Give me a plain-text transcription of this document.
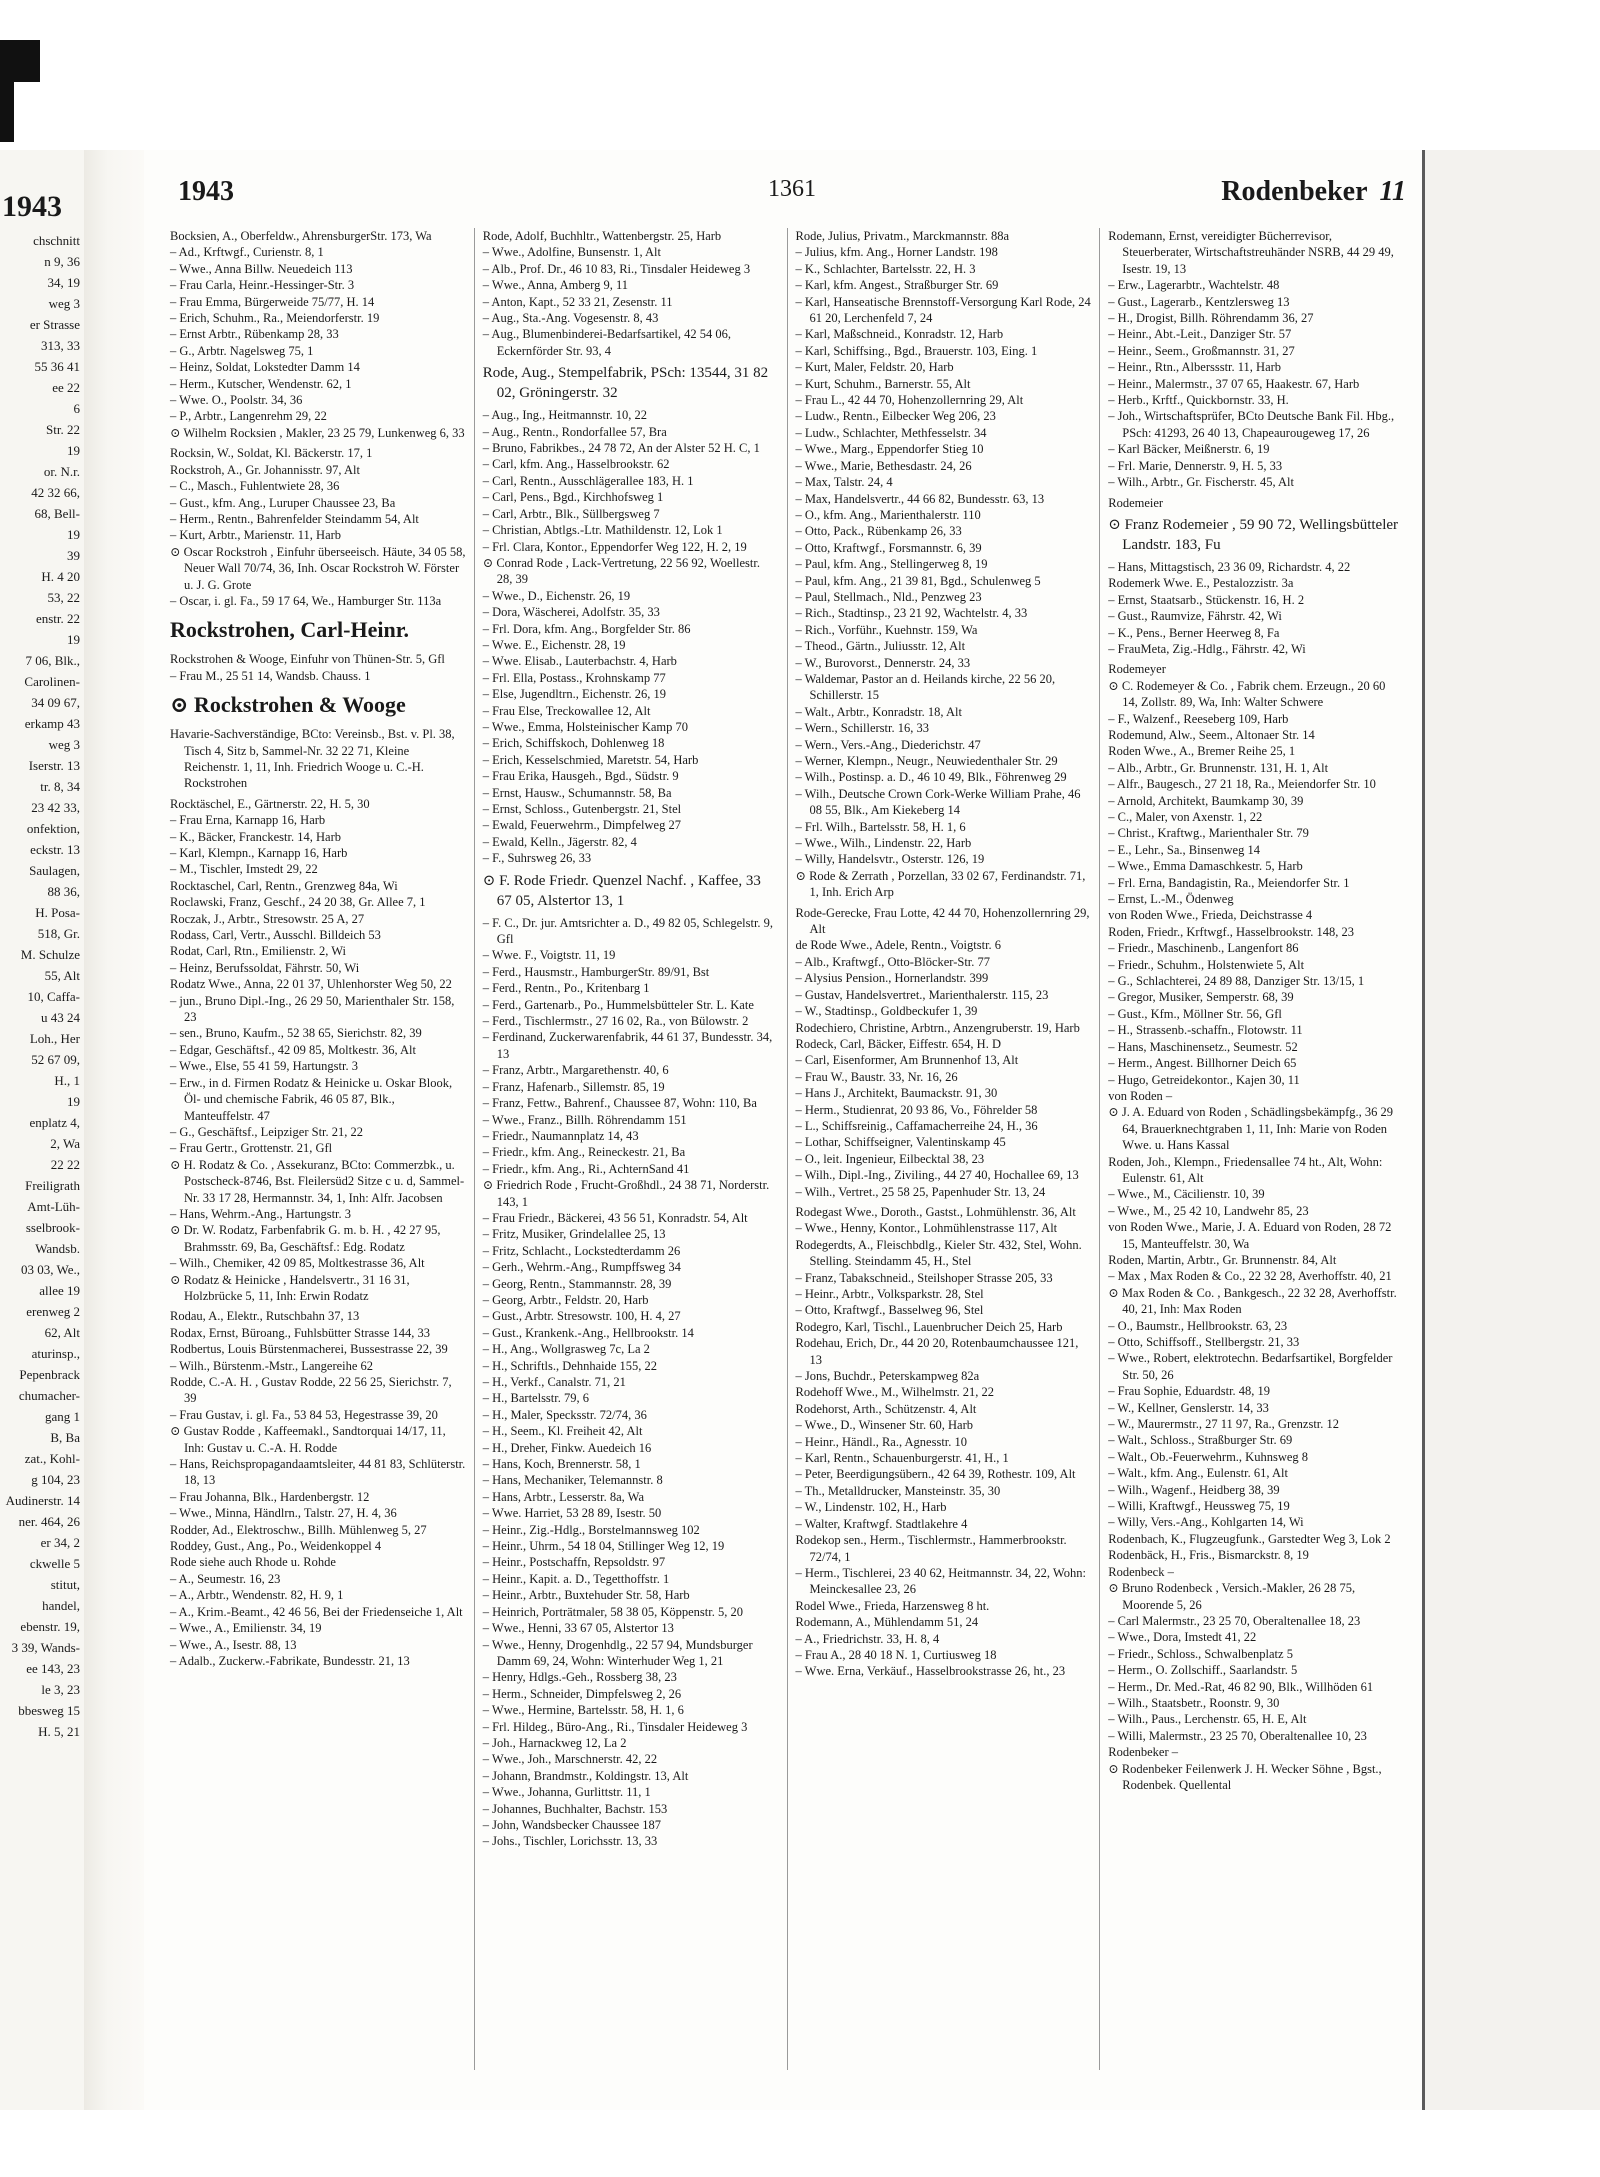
1943
chschnitt
n 9, 36
34, 19
weg 3
er Strasse
313, 33
55 36 41
ee 22
6
Str. 22
19
or. N.r.
42 32 66,
68, Bell-
19
39
H. 4 20
53, 22
enstr. 22
19
7 06, Blk.,
Carolinen-
34 09 67,
erkamp 43
weg 3
Iserstr. 13
tr. 8, 34
23 42 33,
onfektion,
eckstr. 13
Saulagen,
88 36,
H. Posa-
518, Gr.
M. Schulze
55, Alt
10, Caffa-
u 43 24
Loh., Her
52 67 09,
H., 1
19
enplatz 4,
2, Wa
22 22
Freiligrath
Amt-Lüh-
sselbrook-
Wandsb.
03 03, We.,
allee 19
erenweg 2
62, Alt
aturinsp.,
Pepenbrack
chumacher-
gang 1
B, Ba
zat., Kohl-
g 104, 23
Audinerstr. 14
ner. 464, 26
er 34, 2
ckwelle 5
stitut,
handel,
ebenstr. 19,
3 39, Wands-
ee 143, 23
le 3, 23
bbesweg 15
H. 5, 21
1943	1361	Rodenbeker 11

Bocksien, A., Oberfeldw., AhrensburgerStr. 173, Wa

– Ad., Krftwgf., Curienstr. 8, 1

– Wwe., Anna Billw. Neuedeich 113

– Frau Carla, Heinr.-Hessinger-Str. 3

– Frau Emma, Bürgerweide 75/77, H. 14

– Erich, Schuhm., Ra., Meiendorferstr. 19

– Ernst Arbtr., Rübenkamp 28, 33

– G., Arbtr. Nagelsweg 75, 1

– Heinz, Soldat, Lokstedter Damm 14

– Herm., Kutscher, Wendenstr. 62, 1

– Wwe. O., Poolstr. 34, 36

– P., Arbtr., Langenrehm 29, 22

⊙ Wilhelm Rocksien , Makler, 23 25 79, Lunkenweg 6, 33

Rocksin, W., Soldat, Kl. Bäckerstr. 17, 1

Rockstroh, A., Gr. Johannisstr. 97, Alt

– C., Masch., Fuhlentwiete 28, 36

– Gust., kfm. Ang., Luruper Chaussee 23, Ba

– Herm., Rentn., Bahrenfelder Steindamm 54, Alt

– Kurt, Arbtr., Marienstr. 11, Harb

⊙ Oscar Rockstroh , Einfuhr überseeisch. Häute, 34 05 58, Neuer Wall 70/74, 36, Inh. Oscar Rockstroh W. Förster u. J. G. Grote

– Oscar, i. gl. Fa., 59 17 64, We., Hamburger Str. 113a

Rockstrohen, Carl-Heinr.

Rockstrohen & Wooge, Einfuhr von Thünen-Str. 5, Gfl

– Frau M., 25 51 14, Wandsb. Chauss. 1

⊙ Rockstrohen & Wooge

Havarie-Sachverständige, BCto: Vereinsb., Bst. v. Pl. 38, Tisch 4, Sitz b, Sammel-Nr. 32 22 71, Kleine Reichenstr. 1, 11, Inh. Friedrich Wooge u. C.-H. Rockstrohen

Rocktäschel, E., Gärtnerstr. 22, H. 5, 30

– Frau Erna, Karnapp 16, Harb

– K., Bäcker, Franckestr. 14, Harb

– Karl, Klempn., Karnapp 16, Harb

– M., Tischler, Imstedt 29, 22

Rocktaschel, Carl, Rentn., Grenzweg 84a, Wi

Roclawski, Franz, Geschf., 24 20 38, Gr. Allee 7, 1

Roczak, J., Arbtr., Stresowstr. 25 A, 27

Rodass, Carl, Vertr., Ausschl. Billdeich 53

Rodat, Carl, Rtn., Emilienstr. 2, Wi

– Heinz, Berufssoldat, Fährstr. 50, Wi

Rodatz Wwe., Anna, 22 01 37, Uhlenhorster Weg 50, 22

– jun., Bruno Dipl.-Ing., 26 29 50, Marienthaler Str. 158, 23

– sen., Bruno, Kaufm., 52 38 65, Sierichstr. 82, 39

– Edgar, Geschäftsf., 42 09 85, Moltkestr. 36, Alt

– Wwe., Else, 55 41 59, Hartungstr. 3

– Erw., in d. Firmen Rodatz & Heinicke u. Oskar Blook, Öl- und chemische Fabrik, 46 05 87, Blk., Manteuffelstr. 47

– G., Geschäftsf., Leipziger Str. 21, 22

– Frau Gertr., Grottenstr. 21, Gfl

⊙ H. Rodatz & Co. , Assekuranz, BCto: Commerzbk., u. Postscheck-8746, Bst. Fleilersüd2 Sitze c u. d, Sammel-Nr. 33 17 28, Hermannstr. 34, 1, Inh: Alfr. Jacobsen

– Hans, Wehrm.-Ang., Hartungstr. 3

⊙ Dr. W. Rodatz, Farbenfabrik G. m. b. H. , 42 27 95, Brahmsstr. 69, Ba, Geschäftsf.: Edg. Rodatz

– Wilh., Chemiker, 42 09 85, Moltkestrasse 36, Alt

⊙ Rodatz & Heinicke , Handelsvertr., 31 16 31, Holzbrücke 5, 11, Inh: Erwin Rodatz

Rodau, A., Elektr., Rutschbahn 37, 13

Rodax, Ernst, Büroang., Fuhlsbütter Strasse 144, 33

Rodbertus, Louis Bürstenmacherei, Bussestrasse 22, 39

– Wilh., Bürstenm.-Mstr., Langereihe 62

Rodde, C.-A. H. , Gustav Rodde, 22 56 25, Sierichstr. 7, 39

– Frau Gustav, i. gl. Fa., 53 84 53, Hegestrasse 39, 20

⊙ Gustav Rodde , Kaffeemakl., Sandtorquai 14/17, 11, Inh: Gustav u. C.-A. H. Rodde

– Hans, Reichspropagandaamtsleiter, 44 81 83, Schlüterstr. 18, 13

– Frau Johanna, Blk., Hardenbergstr. 12

– Wwe., Minna, Händlrn., Talstr. 27, H. 4, 36

Rodder, Ad., Elektroschw., Billh. Mühlenweg 5, 27

Roddey, Gust., Ang., Po., Weidenkoppel 4

Rode siehe auch Rhode u. Rohde

– A., Seumestr. 16, 23

– A., Arbtr., Wendenstr. 82, H. 9, 1

– A., Krim.-Beamt., 42 46 56, Bei der Friedenseiche 1, Alt

– Wwe., A., Emilienstr. 34, 19

– Wwe., A., Isestr. 88, 13

– Adalb., Zuckerw.-Fabrikate, Bundesstr. 21, 13

Rode, Adolf, Buchhltr., Wattenbergstr. 25, Harb

– Wwe., Adolfine, Bunsenstr. 1, Alt

– Alb., Prof. Dr., 46 10 83, Ri., Tinsdaler Heideweg 3

– Wwe., Anna, Amberg 9, 11

– Anton, Kapt., 52 33 21, Zesenstr. 11

– Aug., Sta.-Ang. Vogesenstr. 8, 43

– Aug., Blumenbinderei-Bedarfsartikel, 42 54 06, Eckernförder Str. 93, 4

Rode, Aug., Stempelfabrik, PSch: 13544, 31 82 02, Gröningerstr. 32

– Aug., Ing., Heitmannstr. 10, 22

– Aug., Rentn., Rondorfallee 57, Bra

– Bruno, Fabrikbes., 24 78 72, An der Alster 52 H. C, 1

– Carl, kfm. Ang., Hasselbrookstr. 62

– Carl, Rentn., Ausschlägerallee 183, H. 1

– Carl, Pens., Bgd., Kirchhofsweg 1

– Carl, Arbtr., Blk., Süllbergsweg 7

– Christian, Abtlgs.-Ltr. Mathildenstr. 12, Lok 1

– Frl. Clara, Kontor., Eppendorfer Weg 122, H. 2, 19

⊙ Conrad Rode , Lack-Vertretung, 22 56 92, Woellestr. 28, 39

– Wwe., D., Eichenstr. 26, 19

– Dora, Wäscherei, Adolfstr. 35, 33

– Frl. Dora, kfm. Ang., Borgfelder Str. 86

– Wwe. E., Eichenstr. 28, 19

– Wwe. Elisab., Lauterbachstr. 4, Harb

– Frl. Ella, Postass., Krohnskamp 77

– Else, Jugendltrn., Eichenstr. 26, 19

– Frau Else, Treckowallee 12, Alt

– Wwe., Emma, Holsteinischer Kamp 70

– Erich, Schiffskoch, Dohlenweg 18

– Erich, Kesselschmied, Maretstr. 54, Harb

– Frau Erika, Hausgeh., Bgd., Südstr. 9

– Ernst, Hausw., Schumannstr. 58, Ba

– Ernst, Schloss., Gutenbergstr. 21, Stel

– Ewald, Feuerwehrm., Dimpfelweg 27

– Ewald, Kelln., Jägerstr. 82, 4

– F., Suhrsweg 26, 33

⊙ F. Rode Friedr. Quenzel Nachf. , Kaffee, 33 67 05, Alstertor 13, 1

– F. C., Dr. jur. Amtsrichter a. D., 49 82 05, Schlegelstr. 9, Gfl

– Wwe. F., Voigtstr. 11, 19

– Ferd., Hausmstr., HamburgerStr. 89/91, Bst

– Ferd., Rentn., Po., Kritenbarg 1

– Ferd., Gartenarb., Po., Hummelsbütteler Str. L. Kate

– Ferd., Tischlermstr., 27 16 02, Ra., von Bülowstr. 2

– Ferdinand, Zuckerwarenfabrik, 44 61 37, Bundesstr. 34, 13

– Franz, Arbtr., Margarethenstr. 40, 6

– Franz, Hafenarb., Sillemstr. 85, 19

– Franz, Fettw., Bahrenf., Chaussee 87, Wohn: 110, Ba

– Wwe., Franz., Billh. Röhrendamm 151

– Friedr., Naumannplatz 14, 43

– Friedr., kfm. Ang., Reineckestr. 21, Ba

– Friedr., kfm. Ang., Ri., AchternSand 41

⊙ Friedrich Rode , Frucht-Großhdl., 24 38 71, Norderstr. 143, 1

– Frau Friedr., Bäckerei, 43 56 51, Konradstr. 54, Alt

– Fritz, Musiker, Grindelallee 25, 13

– Fritz, Schlacht., Lockstedterdamm 26

– Gerh., Wehrm.-Ang., Rumpffsweg 34

– Georg, Rentn., Stammannstr. 28, 39

– Georg, Arbtr., Feldstr. 20, Harb

– Gust., Arbtr. Stresowstr. 100, H. 4, 27

– Gust., Krankenk.-Ang., Hellbrookstr. 14

– H., Ang., Wollgrasweg 7c, La 2

– H., Schriftls., Dehnhaide 155, 22

– H., Verkf., Canalstr. 71, 21

– H., Bartelsstr. 79, 6

– H., Maler, Specksstr. 72/74, 36

– H., Seem., Kl. Freiheit 42, Alt

– H., Dreher, Finkw. Auedeich 16

– Hans, Koch, Brennerstr. 58, 1

– Hans, Mechaniker, Telemannstr. 8

– Hans, Arbtr., Lesserstr. 8a, Wa

– Wwe. Harriet, 53 28 89, Isestr. 50

– Heinr., Zig.-Hdlg., Borstelmannsweg 102

– Heinr., Uhrm., 54 18 04, Stillinger Weg 12, 19

– Heinr., Postschaffn, Repsoldstr. 97

– Heinr., Kapit. a. D., Tegetthoffstr. 1

– Heinr., Arbtr., Buxtehuder Str. 58, Harb

– Heinrich, Porträtmaler, 58 38 05, Köppenstr. 5, 20

– Wwe., Henni, 33 67 05, Alstertor 13

– Wwe., Henny, Drogenhdlg., 22 57 94, Mundsburger Damm 69, 24, Wohn: Winterhuder Weg 1, 21

– Henry, Hdlgs.-Geh., Rossberg 38, 23

– Herm., Schneider, Dimpfelsweg 2, 26

– Wwe., Hermine, Bartelsstr. 58, H. 1, 6

– Frl. Hildeg., Büro-Ang., Ri., Tinsdaler Heideweg 3

– Joh., Harnackweg 12, La 2

– Wwe., Joh., Marschnerstr. 42, 22

– Johann, Brandmstr., Koldingstr. 13, Alt

– Wwe., Johanna, Gurlittstr. 11, 1

– Johannes, Buchhalter, Bachstr. 153

– John, Wandsbecker Chaussee 187

– Johs., Tischler, Lorichsstr. 13, 33

Rode, Julius, Privatm., Marckmannstr. 88a

– Julius, kfm. Ang., Horner Landstr. 198

– K., Schlachter, Bartelsstr. 22, H. 3

– Karl, kfm. Angest., Straßburger Str. 69

– Karl, Hanseatische Brennstoff-Versorgung Karl Rode, 24 61 20, Lerchenfeld 7, 24

– Karl, Maßschneid., Konradstr. 12, Harb

– Karl, Schiffsing., Bgd., Brauerstr. 103, Eing. 1

– Kurt, Maler, Feldstr. 20, Harb

– Kurt, Schuhm., Barnerstr. 55, Alt

– Frau L., 42 44 70, Hohenzollernring 29, Alt

– Ludw., Rentn., Eilbecker Weg 206, 23

– Ludw., Schlachter, Methfesselstr. 34

– Wwe., Marg., Eppendorfer Stieg 10

– Wwe., Marie, Bethesdastr. 24, 26

– Max, Talstr. 24, 4

– Max, Handelsvertr., 44 66 82, Bundesstr. 63, 13

– O., kfm. Ang., Marienthalerstr. 110

– Otto, Pack., Rübenkamp 26, 33

– Otto, Kraftwgf., Forsmannstr. 6, 39

– Paul, kfm. Ang., Stellingerweg 8, 19

– Paul, kfm. Ang., 21 39 81, Bgd., Schulenweg 5

– Paul, Stellmach., Nld., Penzweg 23

– Rich., Stadtinsp., 23 21 92, Wachtelstr. 4, 33

– Rich., Vorführ., Kuehnstr. 159, Wa

– Theod., Gärtn., Juliusstr. 12, Alt

– W., Burovorst., Dennerstr. 24, 33

– Waldemar, Pastor an d. Heilands kirche, 22 56 20, Schillerstr. 15

– Walt., Arbtr., Konradstr. 18, Alt

– Wern., Schillerstr. 16, 33

– Wern., Vers.-Ang., Diederichstr. 47

– Werner, Klempn., Neugr., Neuwiedenthaler Str. 29

– Wilh., Postinsp. a. D., 46 10 49, Blk., Föhrenweg 29

– Wilh., Deutsche Crown Cork-Werke William Prahe, 46 08 55, Blk., Am Kiekeberg 14

– Frl. Wilh., Bartelsstr. 58, H. 1, 6

– Wwe., Wilh., Lindenstr. 22, Harb

– Willy, Handelsvtr., Osterstr. 126, 19

⊙ Rode & Zerrath , Porzellan, 33 02 67, Ferdinandstr. 71, 1, Inh. Erich Arp

Rode-Gerecke, Frau Lotte, 42 44 70, Hohenzollernring 29, Alt

de Rode Wwe., Adele, Rentn., Voigtstr. 6

– Alb., Kraftwgf., Otto-Blöcker-Str. 77

– Alysius Pension., Hornerlandstr. 399

– Gustav, Handelsvertret., Marienthalerstr. 115, 23

– W., Stadtinsp., Goldbeckufer 1, 39

Rodechiero, Christine, Arbtrn., Anzengruberstr. 19, Harb

Rodeck, Carl, Bäcker, Eiffestr. 654, H. D

– Carl, Eisenformer, Am Brunnenhof 13, Alt

– Frau W., Baustr. 33, Nr. 16, 26

– Hans J., Architekt, Baumackstr. 91, 30

– Herm., Studienrat, 20 93 86, Vo., Föhrelder 58

– L., Schiffsreinig., Caffamacherreihe 24, H., 36

– Lothar, Schiffseigner, Valentinskamp 45

– O., leit. Ingenieur, Eilbecktal 38, 23

– Wilh., Dipl.-Ing., Ziviling., 44 27 40, Hochallee 69, 13

– Wilh., Vertret., 25 58 25, Papenhuder Str. 13, 24

Rodegast Wwe., Doroth., Gastst., Lohmühlenstr. 36, Alt

– Wwe., Henny, Kontor., Lohmühlenstrasse 117, Alt

Rodegerdts, A., Fleischbdlg., Kieler Str. 432, Stel, Wohn. Stelling. Steindamm 45, H., Stel

– Franz, Tabakschneid., Steilshoper Strasse 205, 33

– Heinr., Arbtr., Volksparkstr. 28, Stel

– Otto, Kraftwgf., Basselweg 96, Stel

Rodegro, Karl, Tischl., Lauenbrucher Deich 25, Harb

Rodehau, Erich, Dr., 44 20 20, Rotenbaumchaussee 121, 13

– Jons, Buchdr., Peterskampweg 82a

Rodehoff Wwe., M., Wilhelmstr. 21, 22

Rodehorst, Arth., Schützenstr. 4, Alt

– Wwe., D., Winsener Str. 60, Harb

– Heinr., Händl., Ra., Agnesstr. 10

– Karl, Rentn., Schauenburgerstr. 41, H., 1

– Peter, Beerdigungsübern., 42 64 39, Rothestr. 109, Alt

– Th., Metalldrucker, Mansteinstr. 35, 30

– W., Lindenstr. 102, H., Harb

– Walter, Kraftwgf. Stadtlakehre 4

Rodekop sen., Herm., Tischlermstr., Hammerbrookstr. 72/74, 1

– Herm., Tischlerei, 23 40 62, Heitmannstr. 34, 22, Wohn: Meinckesallee 23, 26

Rodel Wwe., Frieda, Harzensweg 8 ht.

Rodemann, A., Mühlendamm 51, 24

– A., Friedrichstr. 33, H. 8, 4

– Frau A., 28 40 18 N. 1, Curtiusweg 18

– Wwe. Erna, Verkäuf., Hasselbrookstrasse 26, ht., 23

Rodemann, Ernst, vereidigter Bücherrevisor, Steuerberater, Wirtschaftstreuhänder NSRB, 44 29 49, Isestr. 19, 13

– Erw., Lagerarbtr., Wachtelstr. 48

– Gust., Lagerarb., Kentzlersweg 13

– H., Drogist, Billh. Röhrendamm 36, 27

– Heinr., Abt.-Leit., Danziger Str. 57

– Heinr., Seem., Großmannstr. 31, 27

– Heinr., Rtn., Alberssstr. 11, Harb

– Heinr., Malermstr., 37 07 65, Haakestr. 67, Harb

– Herb., Krftf., Quickbornstr. 33, H.

– Joh., Wirtschaftsprüfer, BCto Deutsche Bank Fil. Hbg., PSch: 41293, 26 40 13, Chapeaurougeweg 17, 26

– Karl Bäcker, Meißnerstr. 6, 19

– Frl. Marie, Dennerstr. 9, H. 5, 33

– Wilh., Arbtr., Gr. Fischerstr. 45, Alt

Rodemeier

⊙ Franz Rodemeier , 59 90 72, Wellingsbütteler Landstr. 183, Fu

– Hans, Mittagstisch, 23 36 09, Richardstr. 4, 22

Rodemerk Wwe. E., Pestalozzistr. 3a

– Ernst, Staatsarb., Stückenstr. 16, H. 2

– Gust., Raumvize, Fährstr. 42, Wi

– K., Pens., Berner Heerweg 8, Fa

– FrauMeta, Zig.-Hdlg., Fährstr. 42, Wi

Rodemeyer

⊙ C. Rodemeyer & Co. , Fabrik chem. Erzeugn., 20 60 14, Zollstr. 89, Wa, Inh: Walter Schwere

– F., Walzenf., Reeseberg 109, Harb

Rodemund, Alw., Seem., Altonaer Str. 14

Roden Wwe., A., Bremer Reihe 25, 1

– Alb., Arbtr., Gr. Brunnenstr. 131, H. 1, Alt

– Alfr., Baugesch., 27 21 18, Ra., Meiendorfer Str. 10

– Arnold, Architekt, Baumkamp 30, 39

– C., Maler, von Axenstr. 1, 22

– Christ., Kraftwg., Marienthaler Str. 79

– E., Lehr., Sa., Binsenweg 14

– Wwe., Emma Damaschkestr. 5, Harb

– Frl. Erna, Bandagistin, Ra., Meiendorfer Str. 1

– Ernst, L.-M., Ödenweg

von Roden Wwe., Frieda, Deichstrasse 4

Roden, Friedr., Krftwgf., Hasselbrookstr. 148, 23

– Friedr., Maschinenb., Langenfort 86

– Friedr., Schuhm., Holstenwiete 5, Alt

– G., Schlachterei, 24 89 88, Danziger Str. 13/15, 1

– Gregor, Musiker, Semperstr. 68, 39

– Gust., Kfm., Möllner Str. 56, Gfl

– H., Strassenb.-schaffn., Flotowstr. 11

– Hans, Maschinensetz., Seumestr. 52

– Herm., Angest. Billhorner Deich 65

– Hugo, Getreidekontor., Kajen 30, 11

von Roden –

⊙ J. A. Eduard von Roden , Schädlingsbekämpfg., 36 29 64, Brauerknechtgraben 1, 11, Inh: Marie von Roden Wwe. u. Hans Kassal

Roden, Joh., Klempn., Friedensallee 74 ht., Alt, Wohn: Eulenstr. 61, Alt

– Wwe., M., Cäcilienstr. 10, 39

– Wwe., M., 25 42 10, Landwehr 85, 23

von Roden Wwe., Marie, J. A. Eduard von Roden, 28 72 15, Manteuffelstr. 30, Wa

Roden, Martin, Arbtr., Gr. Brunnenstr. 84, Alt

– Max , Max Roden & Co., 22 32 28, Averhoffstr. 40, 21

⊙ Max Roden & Co. , Bankgesch., 22 32 28, Averhoffstr. 40, 21, Inh: Max Roden

– O., Baumstr., Hellbrookstr. 63, 23

– Otto, Schiffsoff., Stellbergstr. 21, 33

– Wwe., Robert, elektrotechn. Bedarfsartikel, Borgfelder Str. 50, 26

– Frau Sophie, Eduardstr. 48, 19

– W., Kellner, Genslerstr. 14, 33

– W., Maurermstr., 27 11 97, Ra., Grenzstr. 12

– Walt., Schloss., Straßburger Str. 69

– Walt., Ob.-Feuerwehrm., Kuhnsweg 8

– Walt., kfm. Ang., Eulenstr. 61, Alt

– Wilh., Wagenf., Heidberg 38, 39

– Willi, Kraftwgf., Heussweg 75, 19

– Willy, Vers.-Ang., Kohlgarten 14, Wi

Rodenbach, K., Flugzeugfunk., Garstedter Weg 3, Lok 2

Rodenbäck, H., Fris., Bismarckstr. 8, 19

Rodenbeck –

⊙ Bruno Rodenbeck , Versich.-Makler, 26 28 75, Moorende 5, 26

– Carl Malermstr., 23 25 70, Oberaltenallee 18, 23

– Wwe., Dora, Imstedt 41, 22

– Friedr., Schloss., Schwalbenplatz 5

– Herm., O. Zollschiff., Saarlandstr. 5

– Herm., Dr. Med.-Rat, 46 82 90, Blk., Willhöden 61

– Wilh., Staatsbetr., Roonstr. 9, 30

– Wilh., Paus., Lerchenstr. 65, H. E, Alt

– Willi, Malermstr., 23 25 70, Oberaltenallee 10, 23

Rodenbeker –

⊙ Rodenbeker Feilenwerk J. H. Wecker Söhne , Bgst., Rodenbek. Quellental
